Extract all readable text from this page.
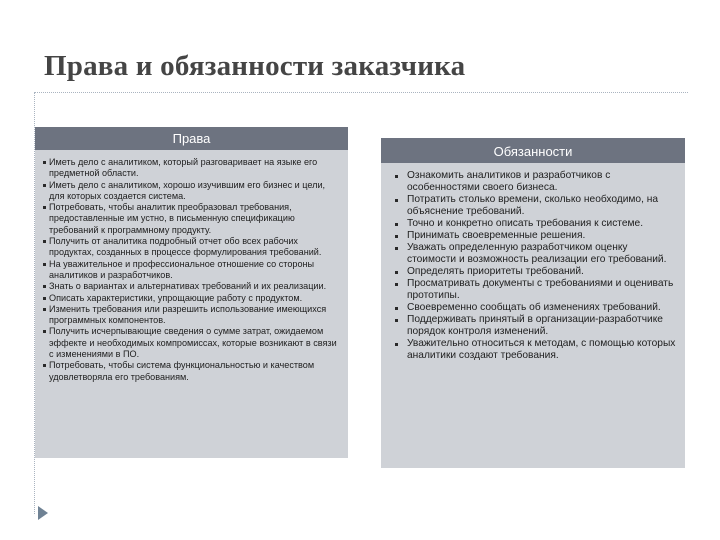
Права и обязанности заказчика
Права
Иметь дело с аналитиком, который разговаривает на языке его предметной области.
Иметь дело с аналитиком, хорошо изучившим его бизнес и цели, для которых создается система.
Потребовать, чтобы аналитик преобразовал требования, предоставленные им устно, в письменную спецификацию требований к программному продукту.
Получить от аналитика подробный отчет обо всех рабочих продуктах, созданных в процессе формулирования требований.
На уважительное и профессиональное отношение со стороны аналитиков и разработчиков.
Знать о вариантах и альтернативах требований и их реализации.
Описать характеристики, упрощающие работу с продуктом.
Изменить требования или разрешить использование имеющихся программных компонентов.
Получить исчерпывающие сведения о сумме затрат, ожидаемом эффекте и необходимых компромиссах, которые возникают в связи с изменениями в ПО.
Потребовать, чтобы система функциональностью и качеством удовлетворяла его требованиям.
Обязанности
Ознакомить аналитиков и разработчиков с особенностями своего бизнеса.
Потратить столько времени, сколько необходимо, на объяснение требований.
Точно и конкретно описать требования к системе.
Принимать своевременные решения.
Уважать определенную разработчиком оценку стоимости и возможность реализации его требований.
Определять приоритеты требований.
Просматривать документы с требованиями и оценивать прототипы.
Своевременно сообщать об изменениях требований.
Поддерживать принятый в организации-разработчике порядок контроля изменений.
Уважительно относиться к методам, с помощью которых аналитики создают требования.
